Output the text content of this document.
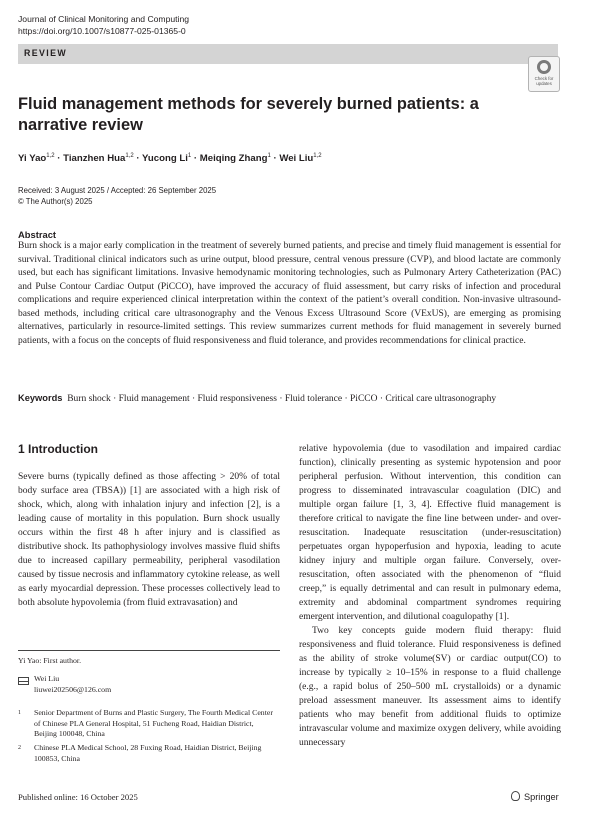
Journal of Clinical Monitoring and Computing
https://doi.org/10.1007/s10877-025-01365-0
REVIEW
Check for
updates
Fluid management methods for severely burned patients: a narrative review
Yi Yao$^{1,2}$ · Tianzhen Hua$^{1,2}$ · Yucong $Li^1$ · Meiqing Zhang$^1$ · Wei Liu$^{1,2}$
Received: 3 August 2025 / Accepted: 26 September 2025
© The Author(s) 2025
Abstract
Burn shock is a major early complication in the treatment of severely burned patients, and precise and timely fluid management is essential for survival. Traditional clinical indicators such as urine output, blood pressure, central venous pressure (CVP), and blood lactate are commonly used, but each has significant limitations. Invasive hemodynamic monitoring technologies, such as Pulmonary Artery Catheterization (PAC) and Pulse Contour Cardiac Output (PiCCO), have improved the accuracy of fluid assessment, but carry risks of infection and procedural complications and require experienced clinical interpretation within the context of the patient’s overall condition. Non-invasive ultrasound-based methods, including critical care ultrasonography and the Venous Excess Ultrasound Score (VExUS), are emerging as promising alternatives, particularly in resource-limited settings. This review summarizes current methods for fluid management in severely burned patients, with a focus on the concepts of fluid responsiveness and fluid tolerance, and provides recommendations for clinical practice.
Keywords Burn shock · Fluid management · Fluid responsiveness · Fluid tolerance · PiCCO · Critical care ultrasonography
1 Introduction
Severe burns (typically defined as those affecting > 20% of total body surface area (TBSA)) [1] are associated with a high risk of shock, which, along with inhalation injury and infection [2], is a leading cause of mortality in this population. Burn shock usually occurs within the first 48 h after injury and is classified as distributive shock. Its pathophysiology involves massive fluid shifts due to increased capillary permeability, peripheral vasodilation caused by tissue necrosis and inflammatory cytokine release, as well as early myocardial depression. These processes collectively lead to both absolute hypovolemia (from fluid extravasation) and
relative hypovolemia (due to vasodilation and impaired cardiac function), clinically presenting as systemic hypotension and poor peripheral perfusion. Without intervention, this condition can progress to disseminated intravascular coagulation (DIC) and multiple organ failure [1, 3, 4]. Effective fluid management is therefore critical to navigate the fine line between under- and over-resuscitation. Inadequate resuscitation (under-resuscitation) perpetuates organ hypoperfusion and hypoxia, leading to acute kidney injury and multiple organ failure. Conversely, over-resuscitation, often associated with the phenomenon of “fluid creep,” is equally detrimental and can result in pulmonary edema, extremity and abdominal compartment syndromes requiring emergent intervention, and dilutional coagulopathy [1].
Two key concepts guide modern fluid therapy: fluid responsiveness and fluid tolerance. Fluid responsiveness is defined as the ability of stroke volume(SV) or cardiac output(CO) to increase by typically ≥ 10–15% in response to a fluid challenge (e.g., a rapid bolus of 250–500 mL crystalloids) or a dynamic preload assessment maneuver. Its assessment aims to identify patients who may benefit from additional fluids to optimize intravascular volume and maximize oxygen delivery, while avoiding unnecessary
Yi Yao: First author.
Wei Liu
liuwei202506@126.com
1 Senior Department of Burns and Plastic Surgery, The Fourth Medical Center of Chinese PLA General Hospital, 51 Fucheng Road, Haidian District, Beijing 100048, China
2 Chinese PLA Medical School, 28 Fuxing Road, Haidian District, Beijing 100853, China
Published online: 16 October 2025	Springer
